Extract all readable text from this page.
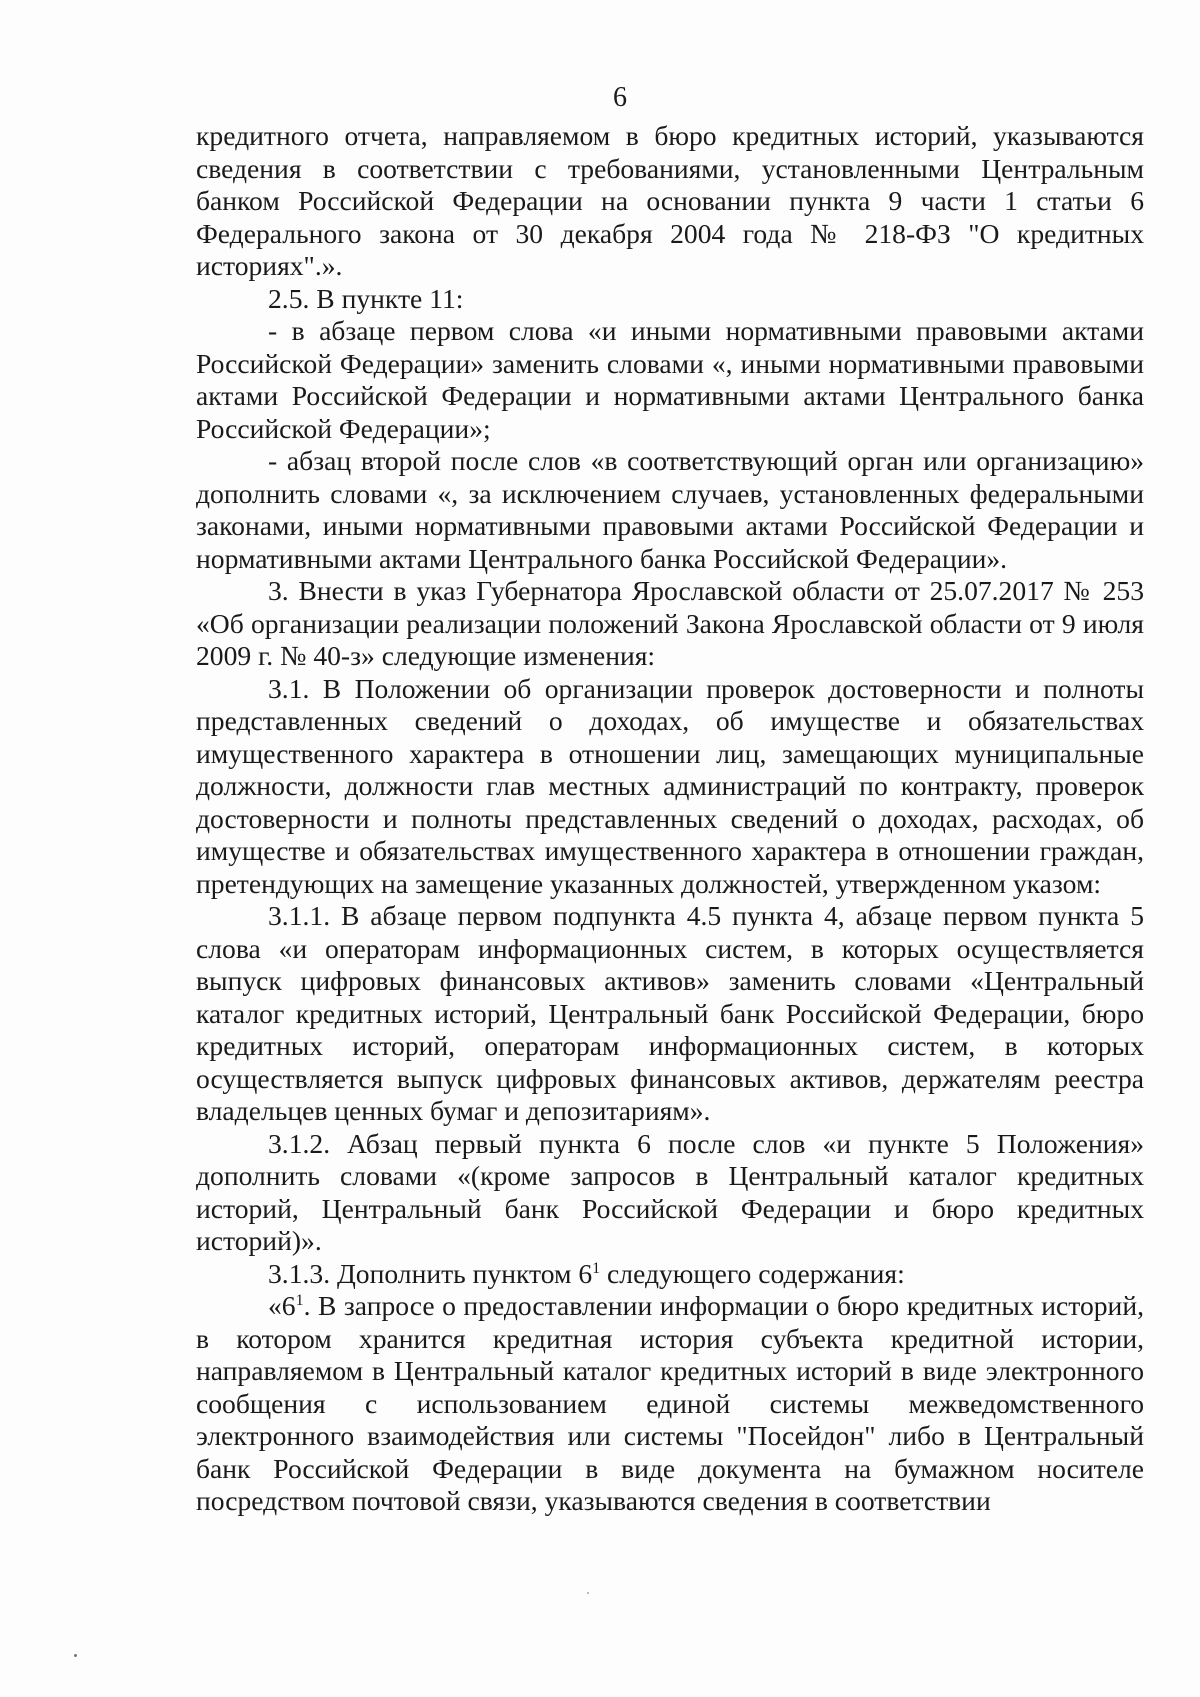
6

кредитного отчета, направляемом в бюро кредитных историй, указываются сведения в соответствии с требованиями, установленными Центральным банком Российской Федерации на основании пункта 9 части 1 статьи 6 Федерального закона от 30 декабря 2004 года № 218-ФЗ "О кредитных историях".».

2.5. В пункте 11:

- в абзаце первом слова «и иными нормативными правовыми актами Российской Федерации» заменить словами «, иными нормативными правовыми актами Российской Федерации и нормативными актами Центрального банка Российской Федерации»;

- абзац второй после слов «в соответствующий орган или организацию» дополнить словами «, за исключением случаев, установленных федеральными законами, иными нормативными правовыми актами Российской Федерации и нормативными актами Центрального банка Российской Федерации».

3. Внести в указ Губернатора Ярославской области от 25.07.2017 № 253 «Об организации реализации положений Закона Ярославской области от 9 июля 2009 г. № 40-з» следующие изменения:

3.1. В Положении об организации проверок достоверности и полноты представленных сведений о доходах, об имуществе и обязательствах имущественного характера в отношении лиц, замещающих муниципальные должности, должности глав местных администраций по контракту, проверок достоверности и полноты представленных сведений о доходах, расходах, об имуществе и обязательствах имущественного характера в отношении граждан, претендующих на замещение указанных должностей, утвержденном указом:

3.1.1. В абзаце первом подпункта 4.5 пункта 4, абзаце первом пункта 5 слова «и операторам информационных систем, в которых осуществляется выпуск цифровых финансовых активов» заменить словами «Центральный каталог кредитных историй, Центральный банк Российской Федерации, бюро кредитных историй, операторам информационных систем, в которых осуществляется выпуск цифровых финансовых активов, держателям реестра владельцев ценных бумаг и депозитариям».

3.1.2. Абзац первый пункта 6 после слов «и пункте 5 Положения» дополнить словами «(кроме запросов в Центральный каталог кредитных историй, Центральный банк Российской Федерации и бюро кредитных историй)».

3.1.3. Дополнить пунктом $6^1$ следующего содержания:

«$6^1$. В запросе о предоставлении информации о бюро кредитных историй, в котором хранится кредитная история субъекта кредитной истории, направляемом в Центральный каталог кредитных историй в виде электронного сообщения с использованием единой системы межведомственного электронного взаимодействия или системы "Посейдон" либо в Центральный банк Российской Федерации в виде документа на бумажном носителе посредством почтовой связи, указываются сведения в соответствии
